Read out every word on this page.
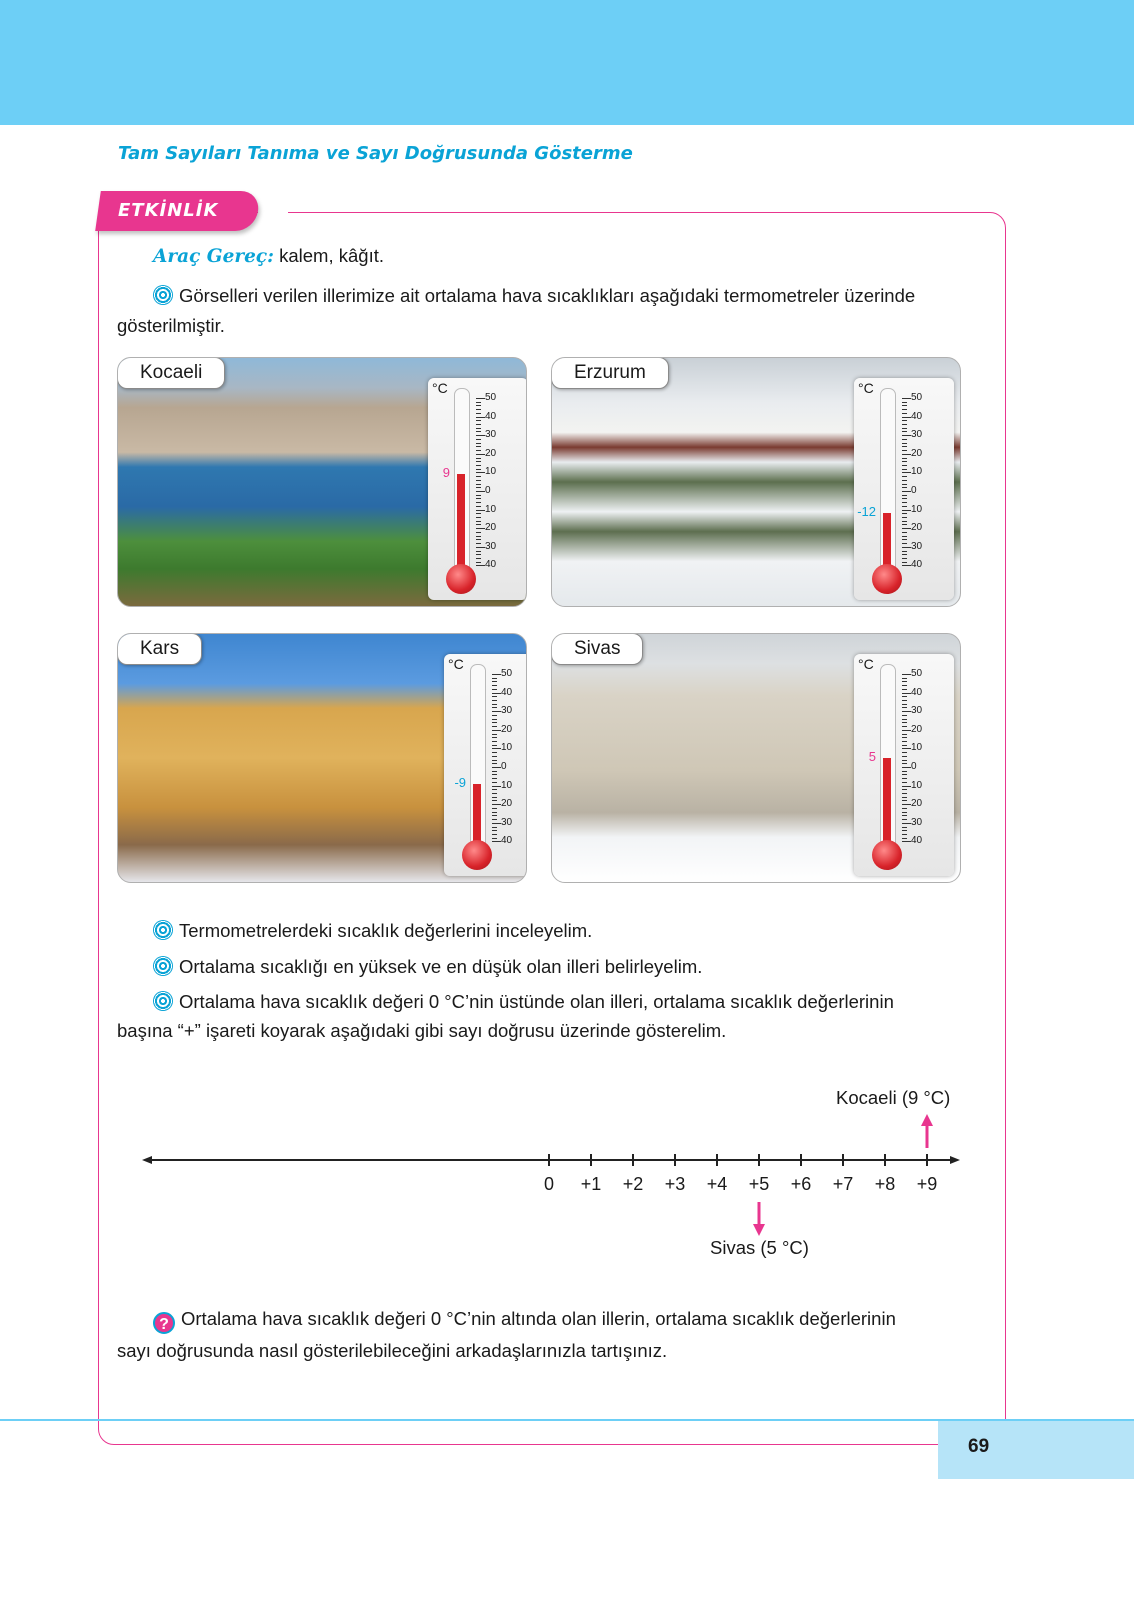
Tam Sayıları Tanıma ve Sayı Doğrusunda Gösterme
ETKİNLİK
Araç Gereç: kalem, kâğıt.
Görselleri verilen illerimize ait ortalama hava sıcaklıkları aşağıdaki termometreler üzerinde
gösterilmiştir.
Kocaeli
°C
50
40
30
20
10
0
10
20
30
40
9
Erzurum
°C
50
40
30
20
10
0
10
20
30
40
-12
Kars
°C
50
40
30
20
10
0
10
20
30
40
-9
Sivas
°C
50
40
30
20
10
0
10
20
30
40
5
Termometrelerdeki sıcaklık değerlerini inceleyelim.
Ortalama sıcaklığı en yüksek ve en düşük olan illeri belirleyelim.
Ortalama hava sıcaklık değeri 0 °C’nin üstünde olan illeri, ortalama sıcaklık değerlerinin
başına “+” işareti koyarak aşağıdaki gibi sayı doğrusu üzerinde gösterelim.
0 +1 +2 +3 +4 +5 +6 +7 +8 +9
Kocaeli (9 °C)
Sivas (5 °C)
? Ortalama hava sıcaklık değeri 0 °C’nin altında olan illerin, ortalama sıcaklık değerlerinin
sayı doğrusunda nasıl gösterilebileceğini arkadaşlarınızla tartışınız.
69
